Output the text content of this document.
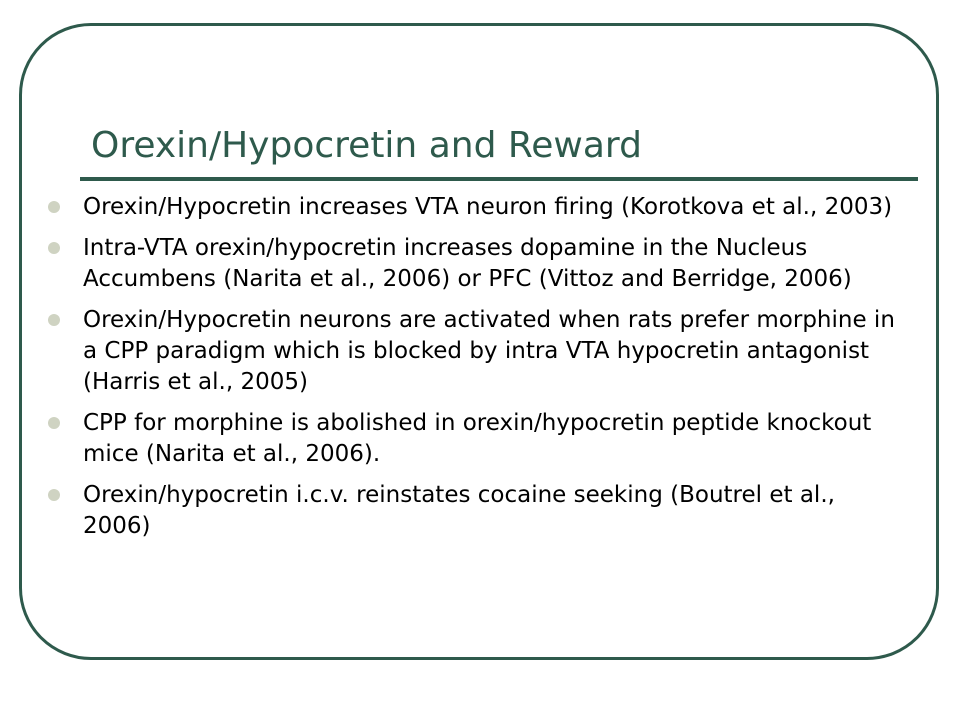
Orexin/Hypocretin and Reward
Orexin/Hypocretin increases VTA neuron firing (Korotkova et al., 2003)
Intra-VTA orexin/hypocretin increases dopamine in the Nucleus Accumbens (Narita et al., 2006) or PFC (Vittoz and Berridge, 2006)
Orexin/Hypocretin neurons are activated when rats prefer morphine in a CPP paradigm which is blocked by intra VTA hypocretin antagonist (Harris et al., 2005)
CPP for morphine is abolished in orexin/hypocretin peptide knockout mice (Narita et al., 2006).
Orexin/hypocretin i.c.v. reinstates cocaine seeking (Boutrel et al., 2006)
